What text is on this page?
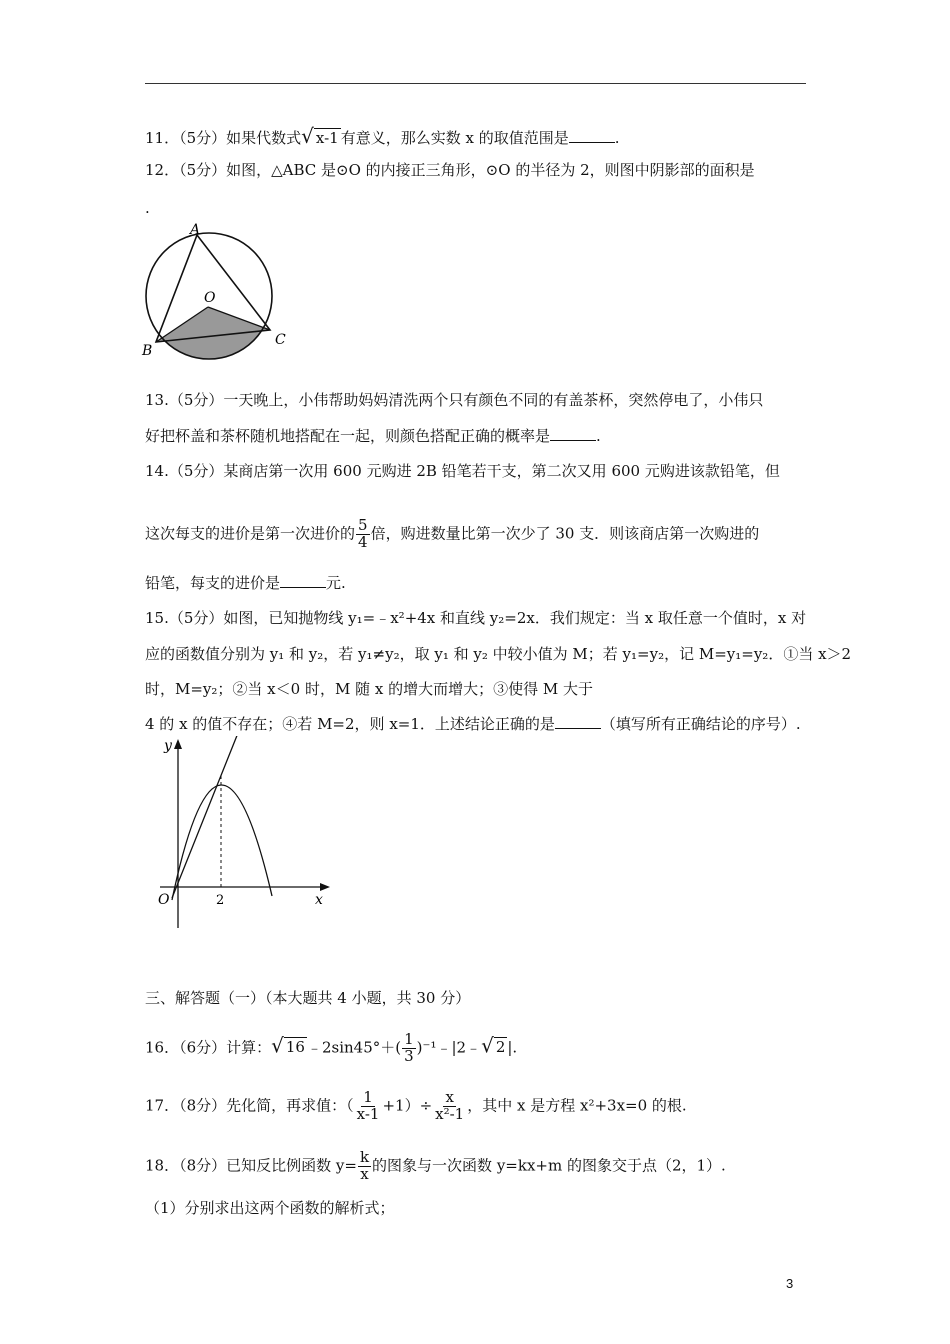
11．（5分）如果代数式√ x-1 有意义，那么实数 x 的取值范围是	.
12．（5分）如图，△ABC 是⊙O 的内接正三角形，⊙O 的半径为 2，则图中阴影部的面积是
.
A
O
B
C
13.（5分）一天晚上，小伟帮助妈妈清洗两个只有颜色不同的有盖茶杯，突然停电了，小伟只
好把杯盖和茶杯随机地搭配在一起，则颜色搭配正确的概率是	.
14.（5分）某商店第一次用 600 元购进 2B 铅笔若干支，第二次又用 600 元购进该款铅笔，但
这次每支的进价是第一次进价的 $\frac{5}{4}$ 倍，购进数量比第一次少了 30 支．则该商店第一次购进的
铅笔，每支的进价是	元.
15.（5分）如图，已知抛物线 y₁=﹣x²+4x 和直线 y₂=2x．我们规定：当 x 取任意一个值时，x 对
应的函数值分别为 y₁ 和 y₂，若 y₁≠y₂，取 y₁ 和 y₂ 中较小值为 M；若 y₁=y₂，记 M=y₁=y₂．①当 x＞2
时，M=y₂；②当 x＜0 时，M 随 x 的增大而增大；③使得 M 大于
4 的 x 的值不存在；④若 M=2，则 x=1．上述结论正确的是	（填写所有正确结论的序号）.
y
x
O	2
三、解答题（一）（本大题共 4 小题，共 30 分）
16．（6分）计算：√ 16 ﹣2sin45°＋( $\frac{1}{3}$ )⁻¹﹣|2﹣√ 2 |.
17．（8分）先化简，再求值：（ $\frac{1}{x-1} +1)\div \frac{x}{\text{x²-1}}$ ，其中 x 是方程 x²+3x=0 的根.
18．（8分）已知反比例函数 $y= \frac{k}{x}$ 的图象与一次函数 y=kx+m 的图象交于点（2，1）.
（1）分别求出这两个函数的解析式；
3
